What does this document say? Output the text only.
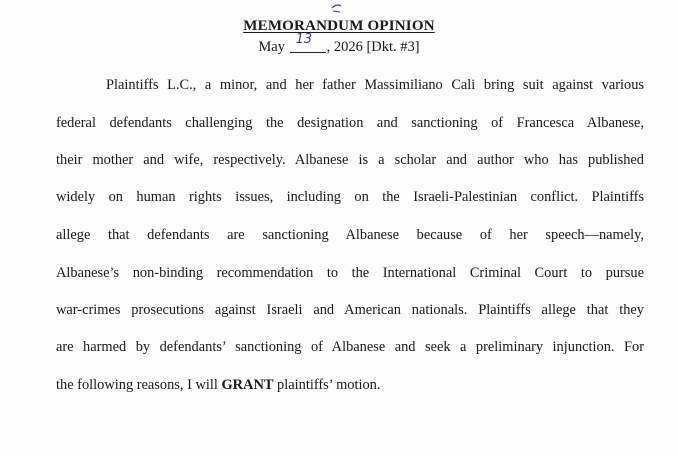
MEMORANDUM OPINION
May 13 , 2026 [Dkt. #3]
Plaintiffs L.C., a minor, and her father Massimiliano Cali bring suit against various
federal defendants challenging the designation and sanctioning of Francesca Albanese,
their mother and wife, respectively. Albanese is a scholar and author who has published
widely on human rights issues, including on the Israeli-Palestinian conflict. Plaintiffs
allege that defendants are sanctioning Albanese because of her speech—namely,
Albanese’s non-binding recommendation to the International Criminal Court to pursue
war-crimes prosecutions against Israeli and American nationals. Plaintiffs allege that they
are harmed by defendants’ sanctioning of Albanese and seek a preliminary injunction. For
the following reasons, I will GRANT plaintiffs’ motion.
